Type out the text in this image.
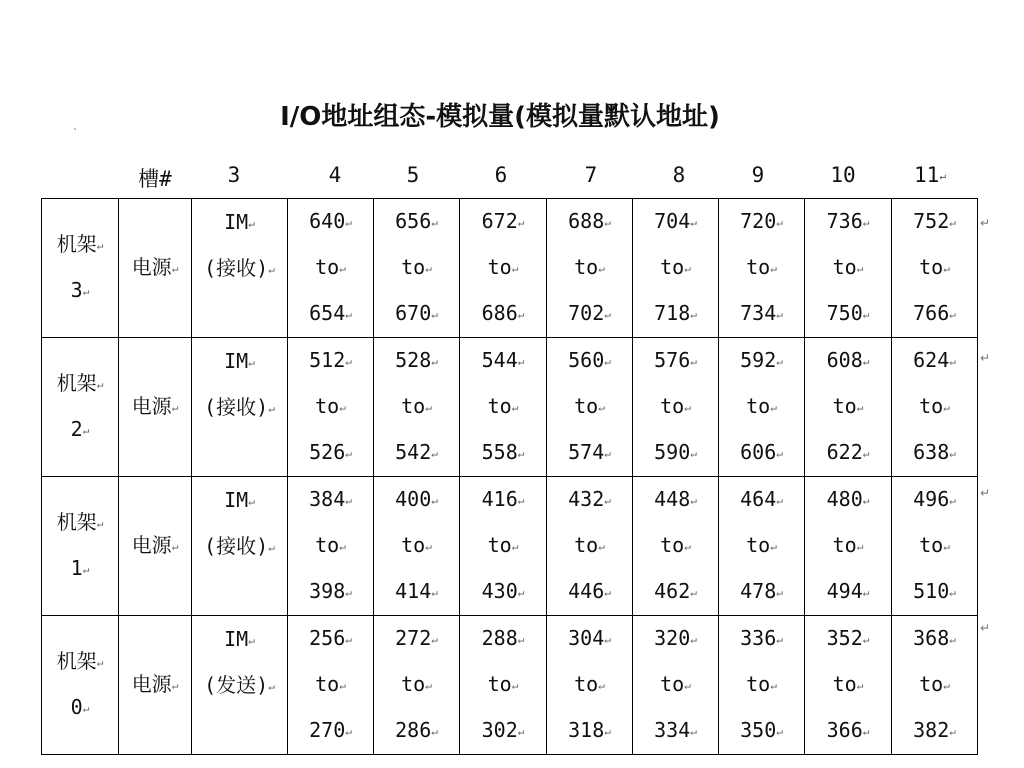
I/O地址组态-模拟量(模拟量默认地址)
`
槽#	3	4	5	6	7	8	9	10	11↵
机架↵
3↵	电源↵	IM↵
(接收)↵	640↵
to↵
654↵	656↵
to↵
670↵	672↵
to↵
686↵	688↵
to↵
702↵	704↵
to↵
718↵	720↵
to↵
734↵	736↵
to↵
750↵	752↵
to↵
766↵

机架↵
2↵	电源↵	IM↵
(接收)↵	512↵
to↵
526↵	528↵
to↵
542↵	544↵
to↵
558↵	560↵
to↵
574↵	576↵
to↵
590↵	592↵
to↵
606↵	608↵
to↵
622↵	624↵
to↵
638↵

机架↵
1↵	电源↵	IM↵
(接收)↵	384↵
to↵
398↵	400↵
to↵
414↵	416↵
to↵
430↵	432↵
to↵
446↵	448↵
to↵
462↵	464↵
to↵
478↵	480↵
to↵
494↵	496↵
to↵
510↵

机架↵
0↵	电源↵	IM↵
(发送)↵	256↵
to↵
270↵	272↵
to↵
286↵	288↵
to↵
302↵	304↵
to↵
318↵	320↵
to↵
334↵	336↵
to↵
350↵	352↵
to↵
366↵	368↵
to↵
382↵
↵
↵
↵
↵
